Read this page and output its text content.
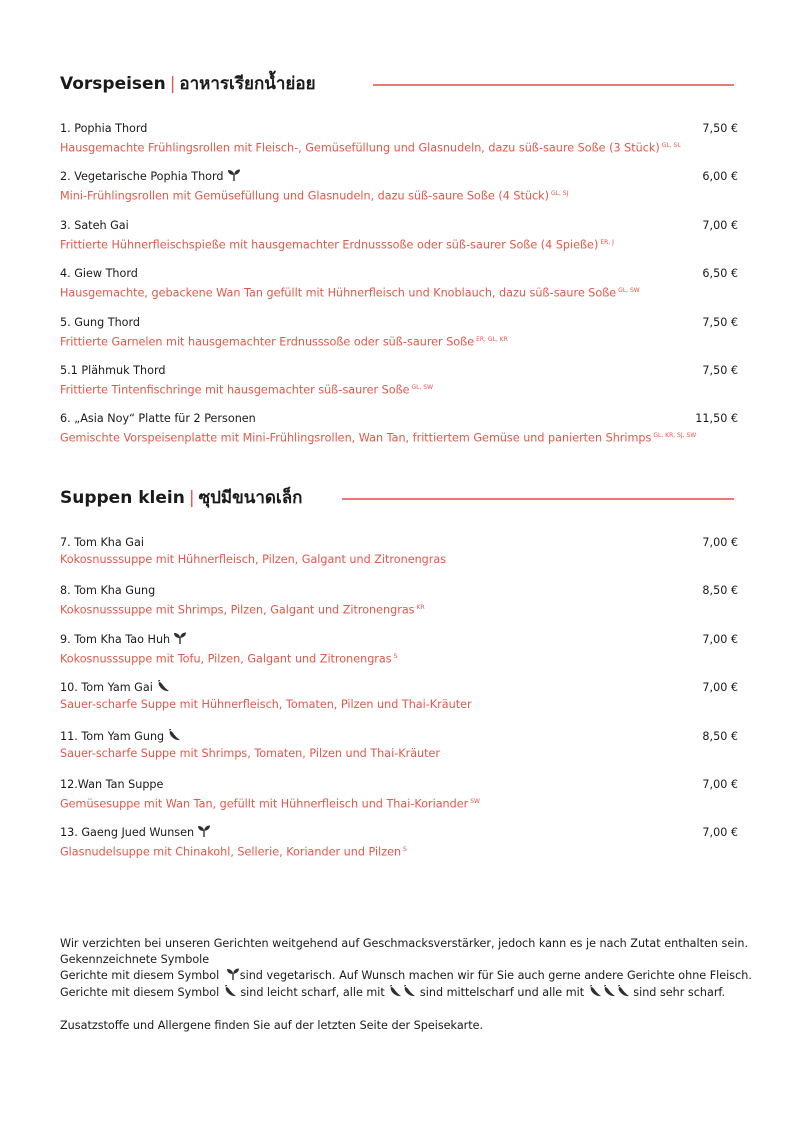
Vorspeisen | อาหารเรียกน้ำย่อย
1. Pophia Thord	7,50 €
Hausgemachte Frühlingsrollen mit Fleisch-, Gemüsefüllung und Glasnudeln, dazu süß-saure Soße (3 Stück) $^{GL, SL}$
2. Vegetarische Pophia Thord	6,00 €
Mini-Frühlingsrollen mit Gemüsefüllung und Glasnudeln, dazu süß-saure Soße (4 Stück) $^{GL, SJ}$
3. Sateh Gai	7,00 €
Frittierte Hühnerfleischspieße mit hausgemachter Erdnusssoße oder süß-saurer Soße (4 Spieße) $^{ER, J}$
4. Giew Thord	6,50 €
Hausgemachte, gebackene Wan Tan gefüllt mit Hühnerfleisch und Knoblauch, dazu süß-saure Soße $^{GL, SW}$
5. Gung Thord	7,50 €
Frittierte Garnelen mit hausgemachter Erdnusssoße oder süß-saurer Soße $^{ER, GL, KR}$
5.1 Plähmuk Thord	7,50 €
Frittierte Tintenfischringe mit hausgemachter süß-saurer Soße $^{GL, SW}$
6. „Asia Noy“ Platte für 2 Personen	11,50 €
Gemischte Vorspeisenplatte mit Mini-Frühlingsrollen, Wan Tan, frittiertem Gemüse und panierten Shrimps $^{GL, KR, SJ, SW}$
Suppen klein | ซุปมีขนาดเล็ก
7. Tom Kha Gai	7,00 €
Kokosnusssuppe mit Hühnerfleisch, Pilzen, Galgant und Zitronengras
8. Tom Kha Gung	8,50 €
Kokosnusssuppe mit Shrimps, Pilzen, Galgant und Zitronengras $^{KR}$
9. Tom Kha Tao Huh	7,00 €
Kokosnusssuppe mit Tofu, Pilzen, Galgant und Zitronengras $^S$
10. Tom Yam Gai	7,00 €
Sauer-scharfe Suppe mit Hühnerfleisch, Tomaten, Pilzen und Thai-Kräuter
11. Tom Yam Gung	8,50 €
Sauer-scharfe Suppe mit Shrimps, Tomaten, Pilzen und Thai-Kräuter
12.Wan Tan Suppe	7,00 €
Gemüsesuppe mit Wan Tan, gefüllt mit Hühnerfleisch und Thai-Koriander $^{SW}$
13. Gaeng Jued Wunsen	7,00 €
Glasnudelsuppe mit Chinakohl, Sellerie, Koriander und Pilzen $^S$

Wir verzichten bei unseren Gerichten weitgehend auf Geschmacksverstärker, jedoch kann es je nach Zutat enthalten sein.

Gekennzeichnete Symbole

Gerichte mit diesem Symbol sind vegetarisch. Auf Wunsch machen wir für Sie auch gerne andere Gerichte ohne Fleisch.

Gerichte mit diesem Symbol sind leicht scharf, alle mit	sind mittelscharf und alle mit	sind sehr scharf.

Zusatzstoffe und Allergene finden Sie auf der letzten Seite der Speisekarte.
